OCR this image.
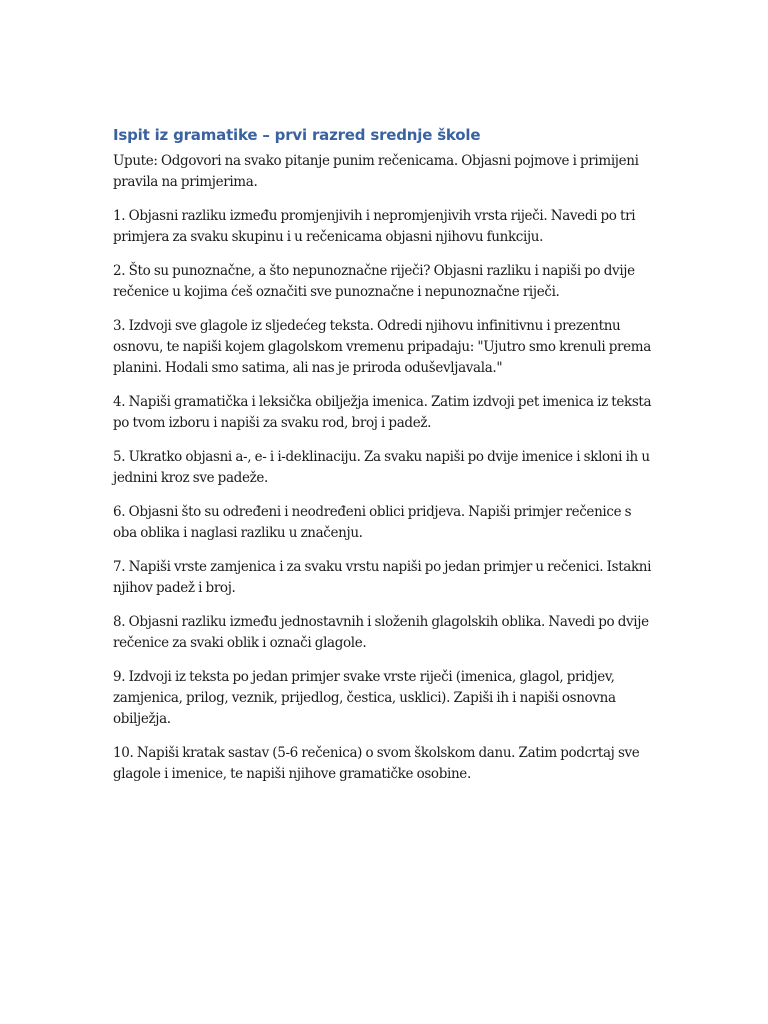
Ispit iz gramatike – prvi razred srednje škole

Upute: Odgovori na svako pitanje punim rečenicama. Objasni pojmove i primijeni pravila na primjerima.

1. Objasni razliku između promjenjivih i nepromjenjivih vrsta riječi. Navedi po tri primjera za svaku skupinu i u rečenicama objasni njihovu funkciju.

2. Što su punoznačne, a što nepunoznačne riječi? Objasni razliku i napiši po dvije rečenice u kojima ćeš označiti sve punoznačne i nepunoznačne riječi.

3. Izdvoji sve glagole iz sljedećeg teksta. Odredi njihovu infinitivnu i prezentnu osnovu, te napiši kojem glagolskom vremenu pripadaju: "Ujutro smo krenuli prema planini. Hodali smo satima, ali nas je priroda oduševljavala."

4. Napiši gramatička i leksička obilježja imenica. Zatim izdvoji pet imenica iz teksta po tvom izboru i napiši za svaku rod, broj i padež.

5. Ukratko objasni a-, e- i i-deklinaciju. Za svaku napiši po dvije imenice i skloni ih u jednini kroz sve padeže.

6. Objasni što su određeni i neodređeni oblici pridjeva. Napiši primjer rečenice s oba oblika i naglasi razliku u značenju.

7. Napiši vrste zamjenica i za svaku vrstu napiši po jedan primjer u rečenici. Istakni njihov padež i broj.

8. Objasni razliku između jednostavnih i složenih glagolskih oblika. Navedi po dvije rečenice za svaki oblik i označi glagole.

9. Izdvoji iz teksta po jedan primjer svake vrste riječi (imenica, glagol, pridjev, zamjenica, prilog, veznik, prijedlog, čestica, usklici). Zapiši ih i napiši osnovna obilježja.

10. Napiši kratak sastav (5-6 rečenica) o svom školskom danu. Zatim podcrtaj sve glagole i imenice, te napiši njihove gramatičke osobine.
